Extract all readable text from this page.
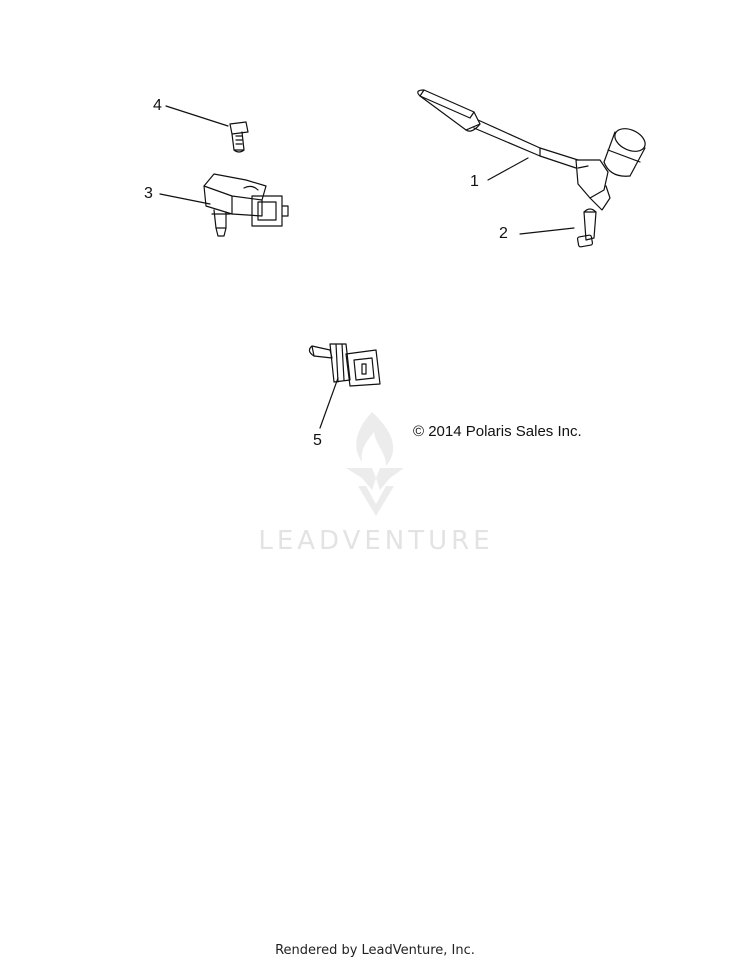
1
2
3
4
5
© 2014 Polaris Sales Inc.
LEADVENTURE
Rendered by LeadVenture, Inc.
